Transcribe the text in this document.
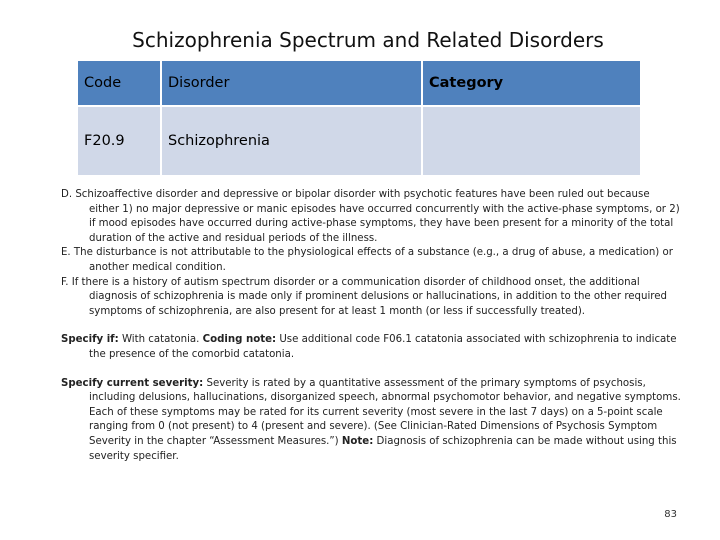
Schizophrenia Spectrum and Related Disorders
Code	Disorder	Category
F20.9	Schizophrenia	

D. Schizoaffective disorder and depressive or bipolar disorder with psychotic features have been ruled out because either 1) no major depressive or manic episodes have occurred concurrently with the active-phase symptoms, or 2) if mood episodes have occurred during active-phase symptoms, they have been present for a minority of the total duration of the active and residual periods of the illness.

E. The disturbance is not attributable to the physiological effects of a substance (e.g., a drug of abuse, a medication) or another medical condition.

F. If there is a history of autism spectrum disorder or a communication disorder of childhood onset, the additional diagnosis of schizophrenia is made only if prominent delusions or hallucinations, in addition to the other required symptoms of schizophrenia, are also present for at least 1 month (or less if successfully treated).

Specify if: With catatonia. Coding note: Use additional code F06.1 catatonia associated with schizophrenia to indicate the presence of the comorbid catatonia.

Specify current severity: Severity is rated by a quantitative assessment of the primary symptoms of psychosis, including delusions, hallucinations, disorganized speech, abnormal psychomotor behavior, and negative symptoms. Each of these symptoms may be rated for its current severity (most severe in the last 7 days) on a 5-point scale ranging from 0 (not present) to 4 (present and severe). (See Clinician-Rated Dimensions of Psychosis Symptom Severity in the chapter “Assessment Measures.”) Note: Diagnosis of schizophrenia can be made without using this severity specifier.

83
